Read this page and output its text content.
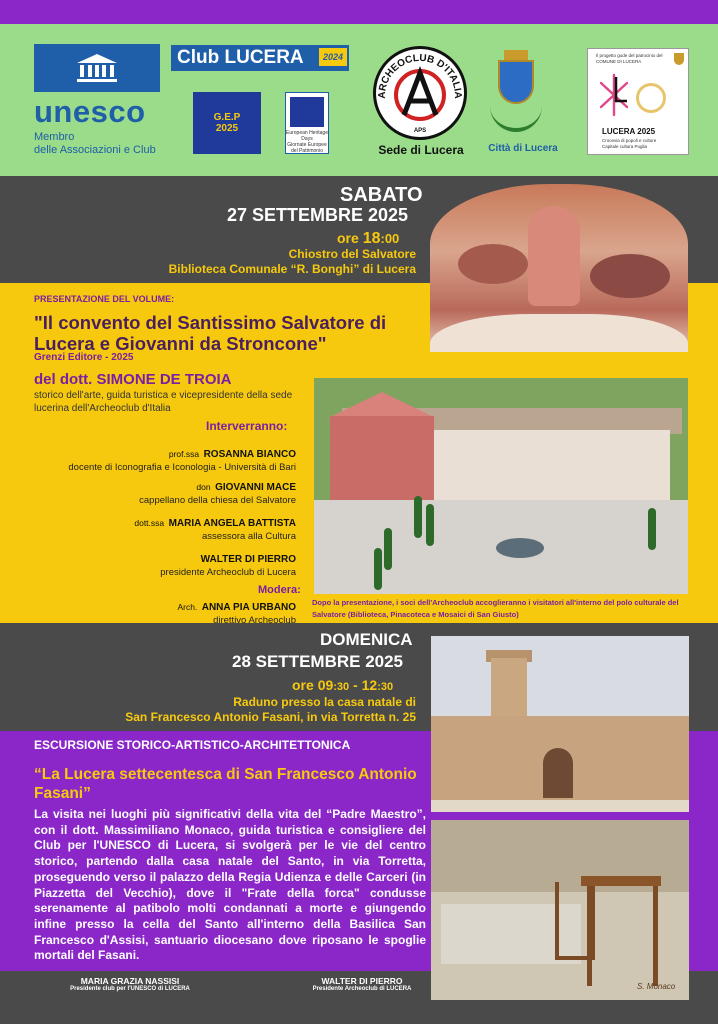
unesco
Membro
delle Associazioni e Club
Club LUCERA	2024
G.E.P
2025	European Heritage Days
Giornate Europee del Patrimonio
ARCHEOCLUB D'ITALIA
APS
Sede di Lucera	Città di Lucera
Il progetto gode del patrocinio del COMUNE DI LUCERA
LUCERA 2025
Crocevia di popoli e culture
Capitale cultura Puglia
S. Monaco
SABATO
27 SETTEMBRE 2025
ore 18:00
Chiostro del Salvatore
Biblioteca Comunale “R. Bonghi” di Lucera
PRESENTAZIONE DEL VOLUME:
"Il convento del Santissimo Salvatore di Lucera e Giovanni da Stroncone"
Grenzi Editore - 2025
del dott. SIMONE DE TROIA
storico dell'arte, guida turistica e vicepresidente della sede lucerina dell'Archeoclub d'Italia
Interverranno:
prof.ssa ROSANNA BIANCO
docente di Iconografia e Iconologia - Università di Bari
don GIOVANNI MACE
cappellano della chiesa del Salvatore
dott.ssa MARIA ANGELA BATTISTA
assessora alla Cultura
WALTER DI PIERRO
presidente Archeoclub di Lucera
Modera:
Arch. ANNA PIA URBANO
direttivo Archeoclub
Dopo la presentazione, i soci dell'Archeoclub accoglieranno i visitatori all'interno del polo culturale del Salvatore (Biblioteca, Pinacoteca e Mosaici di San Giusto)
DOMENICA
28 SETTEMBRE 2025
ore 09:30 - 12:30
Raduno presso la casa natale di
San Francesco Antonio Fasani, in via Torretta n. 25
ESCURSIONE STORICO-ARTISTICO-ARCHITETTONICA
“La Lucera settecentesca di San Francesco Antonio Fasani”
La visita nei luoghi più significativi della vita del “Padre Maestro”, con il dott. Massimiliano Monaco, guida turistica e consigliere del Club per l'UNESCO di Lucera, si svolgerà per le vie del centro storico, partendo dalla casa natale del Santo, in via Torretta, proseguendo verso il palazzo della Regia Udienza e delle Carceri (in Piazzetta del Vecchio), dove il "Frate della forca" condusse serenamente al patibolo molti condannati a morte e giungendo infine presso la cella del Santo all'interno della Basilica San Francesco d'Assisi, santuario diocesano dove riposano le spoglie mortali del Fasani.
MARIA GRAZIA NASSISI
Presidente club per l'UNESCO di LUCERA
WALTER DI PIERRO
Presidente Archeoclub di LUCERA
